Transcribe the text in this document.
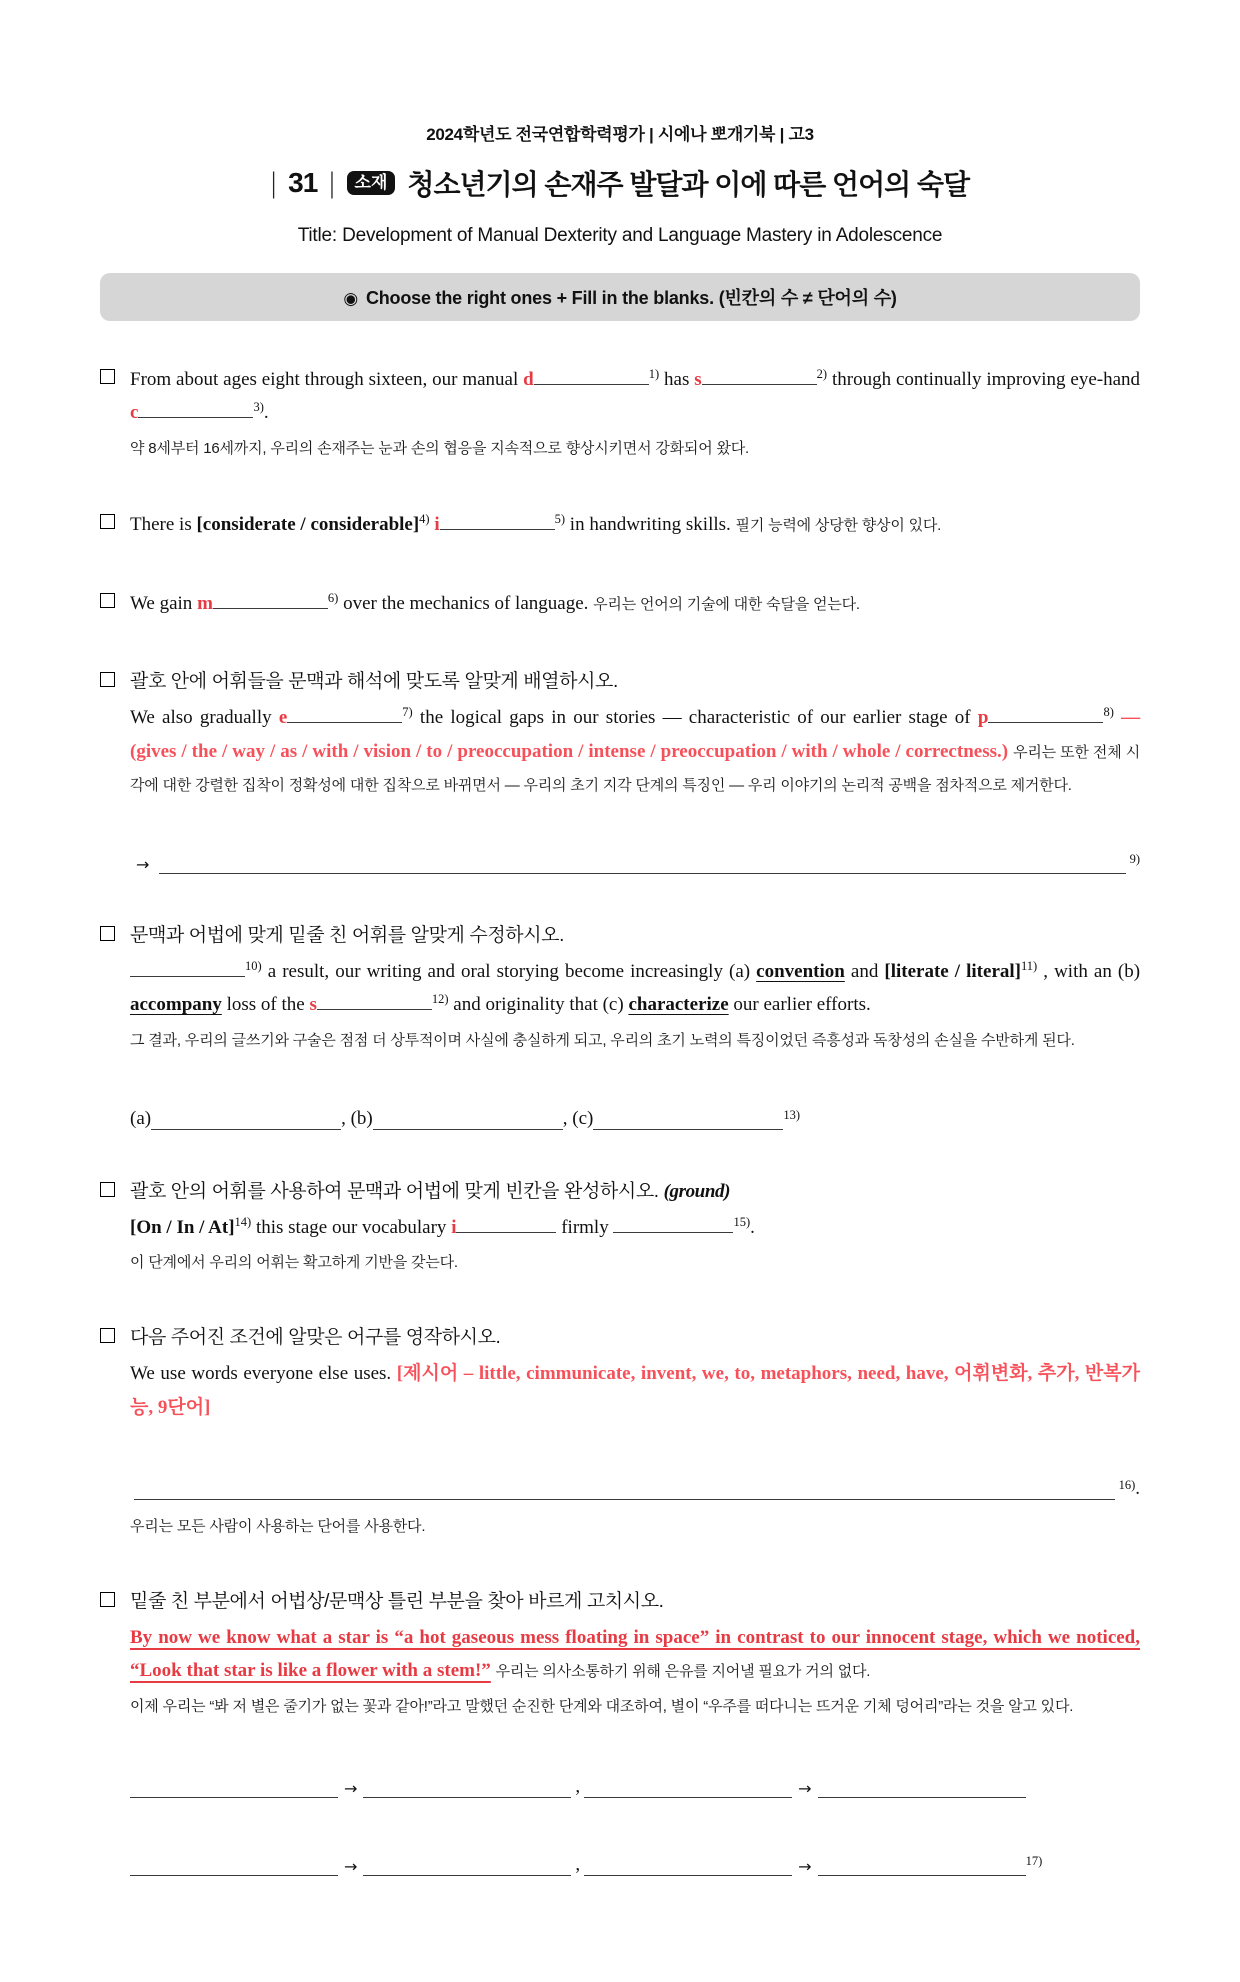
2024학년도 전국연합학력평가 | 시에나 뽀개기북 | 고3
| 31 |	소재 청소년기의 손재주 발달과 이에 따른 언어의 숙달
Title: Development of Manual Dexterity and Language Mastery in Adolescence
◉ Choose the right ones + Fill in the blanks. (빈칸의 수 ≠ 단어의 수)

From about ages eight through sixteen, our manual d	$^{1)}$ has s	$^{2)}$ through continually improving eye-hand c	$^{3)}$.

약 8세부터 16세까지, 우리의 손재주는 눈과 손의 협응을 지속적으로 향상시키면서 강화되어 왔다.

There is [considerate / considerable]$^{4)}$ i	$^{5)}$ in handwriting skills. 필기 능력에 상당한 향상이 있다.

We gain m	$^{6)}$ over the mechanics of language. 우리는 언어의 기술에 대한 숙달을 얻는다.

괄호 안에 어휘들을 문맥과 해석에 맞도록 알맞게 배열하시오.

We also gradually e	$^{7)}$ the logical gaps in our stories — characteristic of our earlier stage of p	$^{8)}$ —(gives / the / way / as / with / vision / to / preoccupation / intense / preoccupation / with / whole / correctness.) 우리는 또한 전체 시각에 대한 강렬한 집착이 정확성에 대한 집착으로 바뀌면서 — 우리의 초기 지각 단계의 특징인 — 우리 이야기의 논리적 공백을 점차적으로 제거한다.

→	9)

문맥과 어법에 맞게 밑줄 친 어휘를 알맞게 수정하시오.

$^{10)}$ a result, our writing and oral storying become increasingly (a) convention and [literate / literal]$^{11)}$ , with an (b) accompany loss of the s	$^{12)}$ and originality that (c) characterize our earlier efforts.

그 결과, 우리의 글쓰기와 구술은 점점 더 상투적이며 사실에 충실하게 되고, 우리의 초기 노력의 특징이었던 즉흥성과 독창성의 손실을 수반하게 된다.

(a)	, (b)	, (c)	13)

괄호 안의 어휘를 사용하여 문맥과 어법에 맞게 빈칸을 완성하시오. (ground)

[On / In / At]$^{14)}$ this stage our vocabulary i	firmly	$^{15)}$.

이 단계에서 우리의 어휘는 확고하게 기반을 갖는다.

다음 주어진 조건에 알맞은 어구를 영작하시오.

We use words everyone else uses. [제시어 – little, cimmunicate, invent, we, to, metaphors, need, have, 어휘변화, 추가, 반복가능, 9단어]

16) .

우리는 모든 사람이 사용하는 단어를 사용한다.

밑줄 친 부분에서 어법상/문맥상 틀린 부분을 찾아 바르게 고치시오.

By now we know what a star is “a hot gaseous mess floating in space” in contrast to our innocent stage, which we noticed, “Look that star is like a flower with a stem!” 우리는 의사소통하기 위해 은유를 지어낼 필요가 거의 없다.

이제 우리는 “봐 저 별은 줄기가 없는 꽃과 같아!”라고 말했던 순진한 단계와 대조하여, 별이 “우주를 떠다니는 뜨거운 기체 덩어리”라는 것을 알고 있다.

→	,	→
→	,	→	17)
